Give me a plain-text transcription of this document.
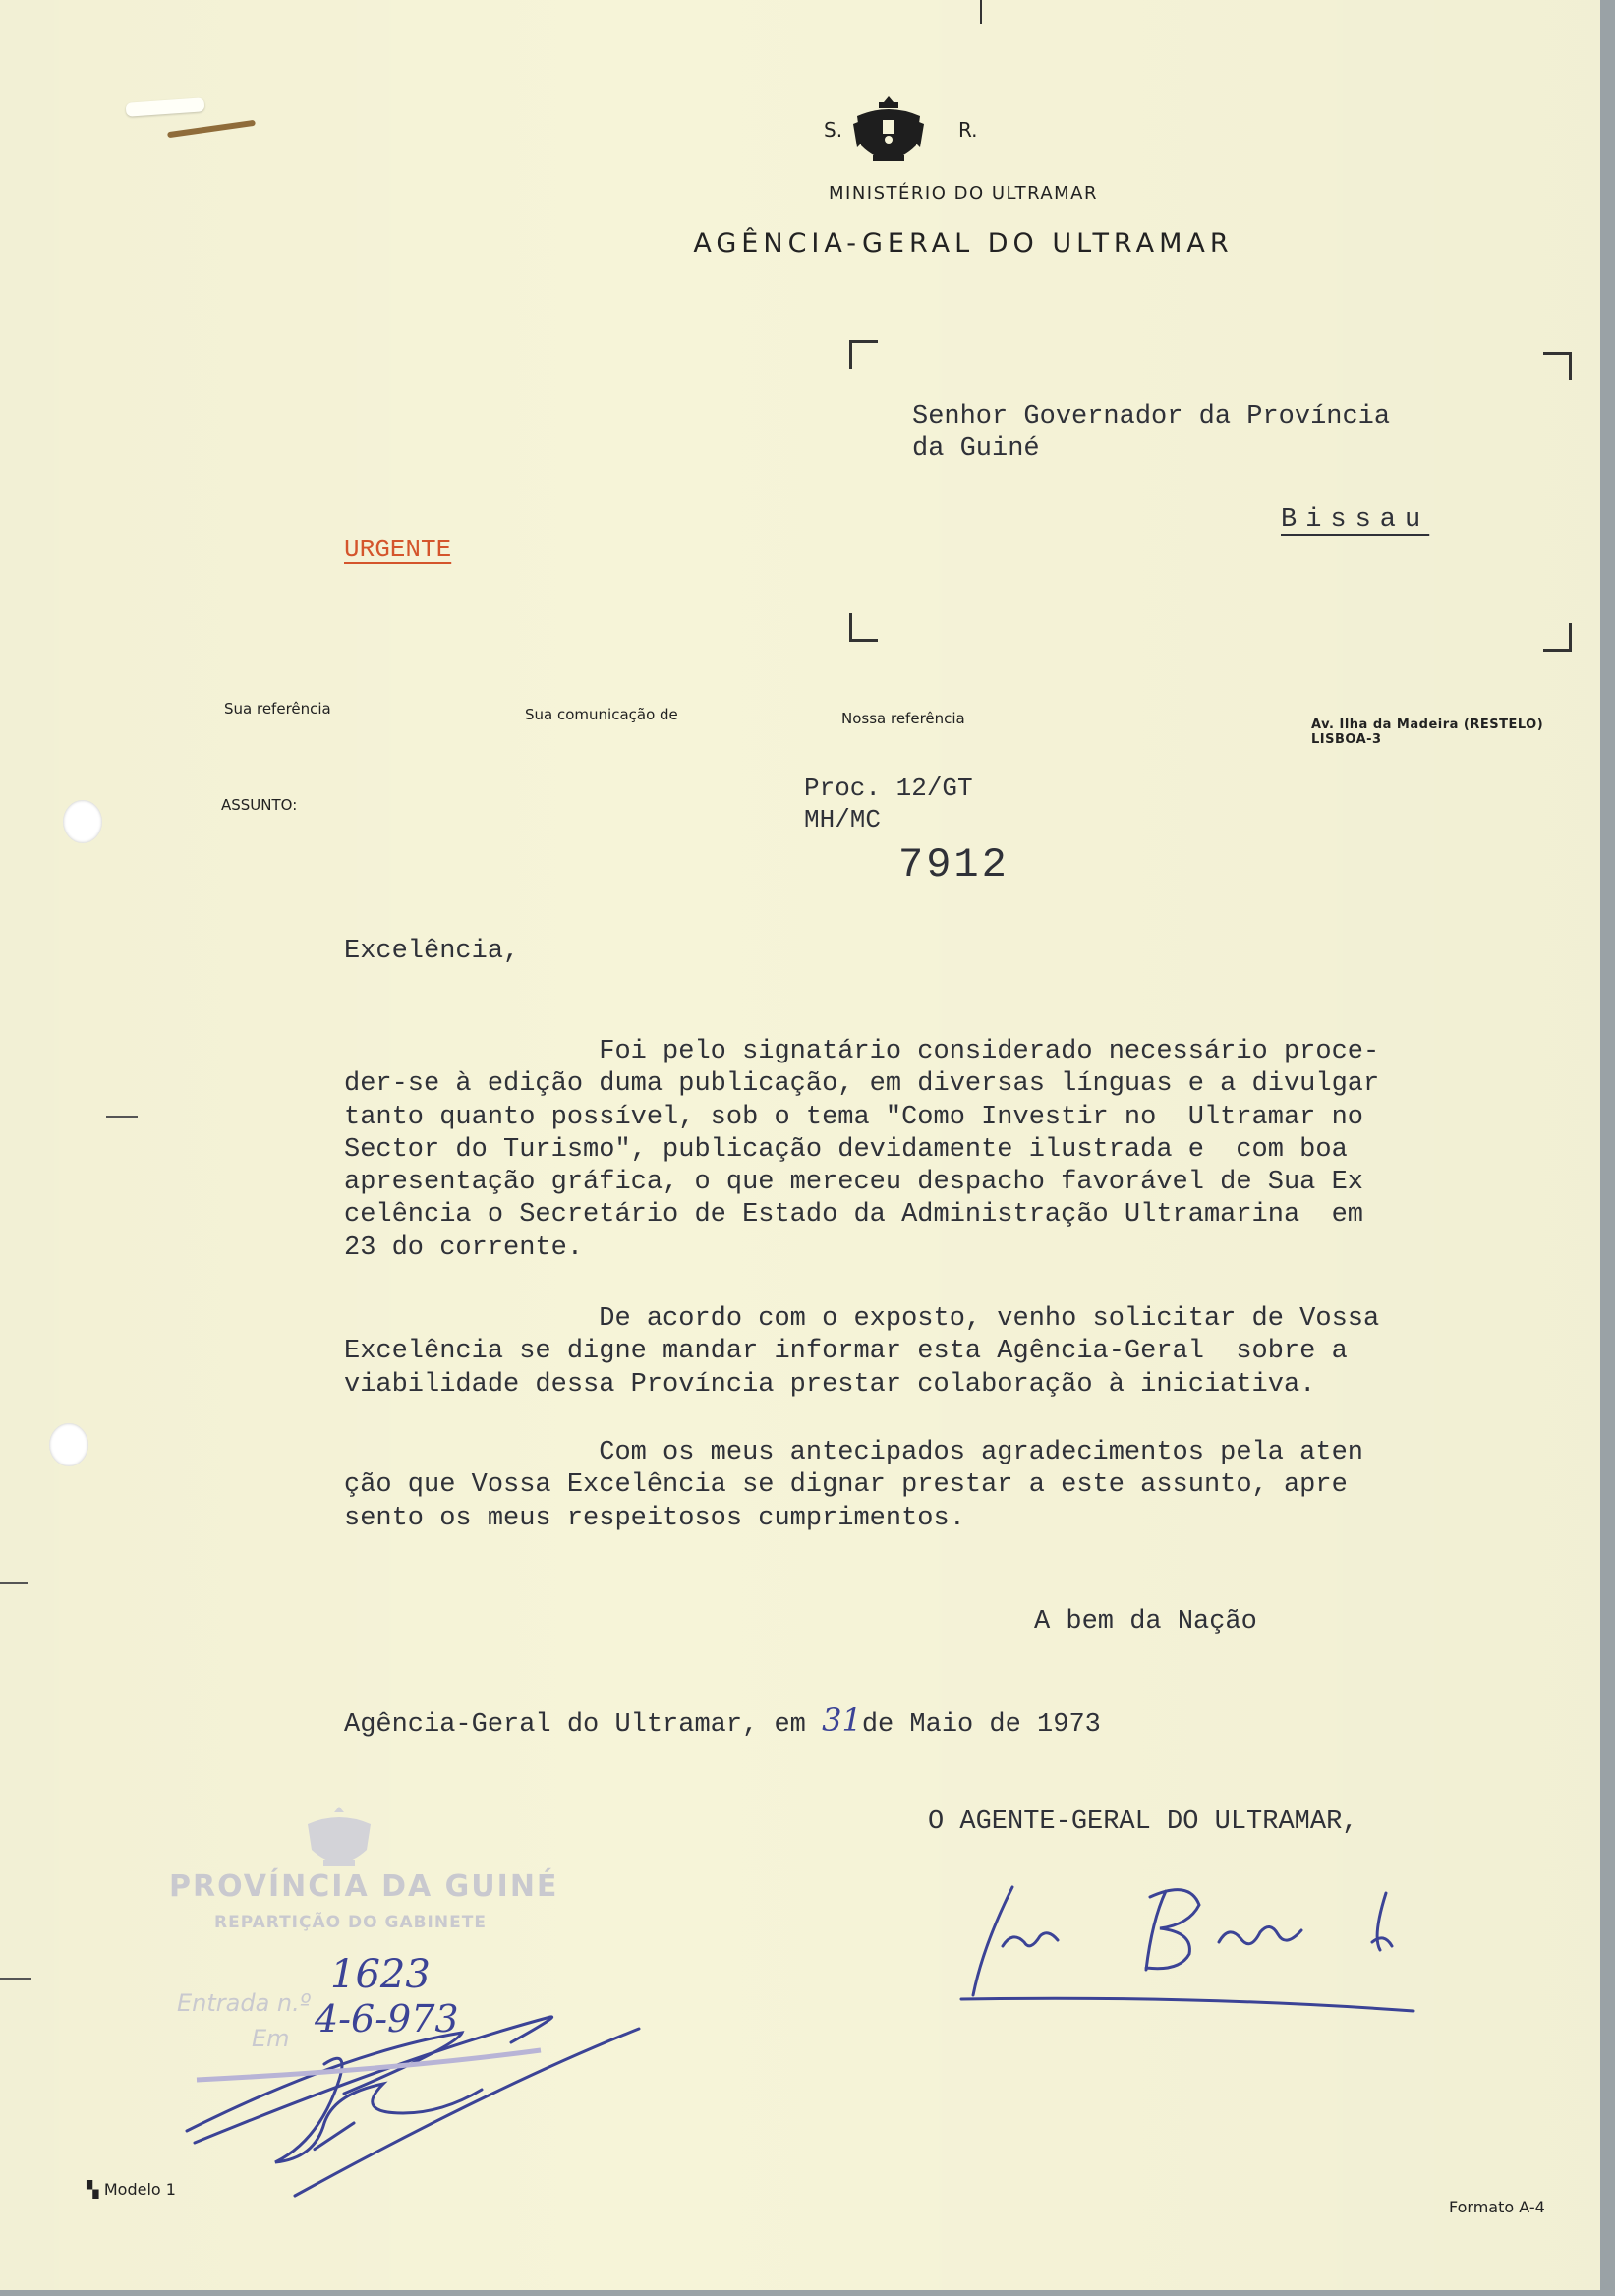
S.	R.
MINISTÉRIO DO ULTRAMAR
AGÊNCIA-GERAL DO ULTRAMAR
Senhor Governador da Província
da Guiné
Bissau
URGENTE
Sua referência	Sua comunicação de	Nossa referência	Av. Ilha da Madeira (RESTELO) LISBOA-3
ASSUNTO:
Proc. 12/GT
MH/MC
7912
Excelência,
Foi pelo signatário considerado necessário proce-
der-se à edição duma publicação, em diversas línguas e a divulgar
tanto quanto possível, sob o tema "Como Investir no  Ultramar no
Sector do Turismo", publicação devidamente ilustrada e  com boa
apresentação gráfica, o que mereceu despacho favorável de Sua Ex
celência o Secretário de Estado da Administração Ultramarina  em
23 do corrente.
De acordo com o exposto, venho solicitar de Vossa
Excelência se digne mandar informar esta Agência-Geral  sobre a
viabilidade dessa Província prestar colaboração à iniciativa.
Com os meus antecipados agradecimentos pela aten
ção que Vossa Excelência se dignar prestar a este assunto, apre
sento os meus respeitosos cumprimentos.
A bem da Nação
Agência-Geral do Ultramar, em 31de Maio de 1973
O AGENTE-GERAL DO ULTRAMAR,
PROVÍNCIA DA GUINÉ
REPARTIÇÃO DO GABINETE
Entrada n.º
Em
1623
4-6-973
▚ Modelo 1
Formato A-4
